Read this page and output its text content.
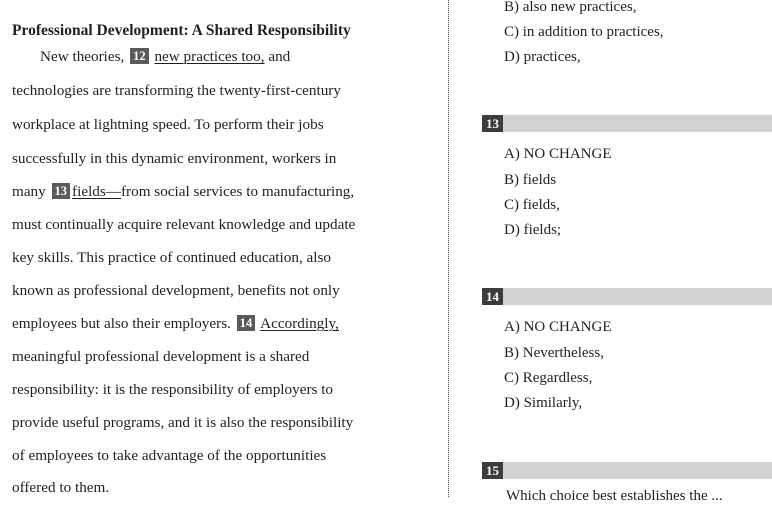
Professional Development: A Shared Responsibility
New theories, 12 new practices too, and
technologies are transforming the twenty-first-century
workplace at lightning speed. To perform their jobs
successfully in this dynamic environment, workers in
many 13 fields—from social services to manufacturing,
must continually acquire relevant knowledge and update
key skills. This practice of continued education, also
known as professional development, benefits not only
employees but also their employers. 14 Accordingly,
meaningful professional development is a shared
responsibility: it is the responsibility of employers to
provide useful programs, and it is also the responsibility
of employees to take advantage of the opportunities
offered to them.
B) also new practices,
C) in addition to practices,
D) practices,
13
A) NO CHANGE
B) fields
C) fields,
D) fields;
14
A) NO CHANGE
B) Nevertheless,
C) Regardless,
D) Similarly,
15
Which choice best establishes the ...
